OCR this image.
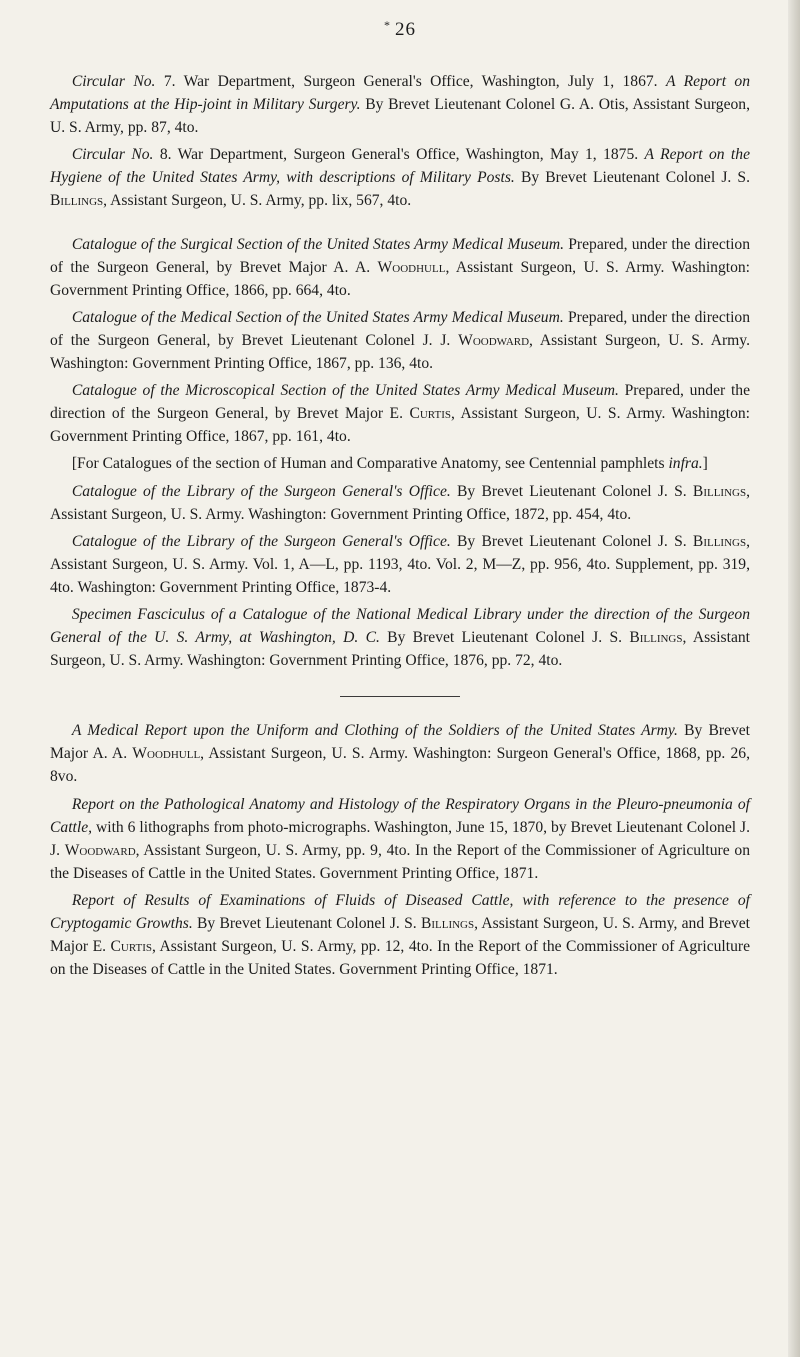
* 26

Circular No. 7. War Department, Surgeon General's Office, Washington, July 1, 1867. A Report on Amputations at the Hip-joint in Military Surgery. By Brevet Lieutenant Colonel G. A. Otis, Assistant Surgeon, U. S. Army, pp. 87, 4to.

Circular No. 8. War Department, Surgeon General's Office, Washington, May 1, 1875. A Report on the Hygiene of the United States Army, with descriptions of Military Posts. By Brevet Lieutenant Colonel J. S. Billings, Assistant Surgeon, U. S. Army, pp. lix, 567, 4to.

Catalogue of the Surgical Section of the United States Army Medical Museum. Prepared, under the direction of the Surgeon General, by Brevet Major A. A. Woodhull, Assistant Surgeon, U. S. Army. Washington: Government Printing Office, 1866, pp. 664, 4to.

Catalogue of the Medical Section of the United States Army Medical Museum. Prepared, under the direction of the Surgeon General, by Brevet Lieutenant Colonel J. J. Woodward, Assistant Surgeon, U. S. Army. Washington: Government Printing Office, 1867, pp. 136, 4to.

Catalogue of the Microscopical Section of the United States Army Medical Museum. Prepared, under the direction of the Surgeon General, by Brevet Major E. Curtis, Assistant Surgeon, U. S. Army. Washington: Government Printing Office, 1867, pp. 161, 4to.

[For Catalogues of the section of Human and Comparative Anatomy, see Centennial pamphlets infra.]

Catalogue of the Library of the Surgeon General's Office. By Brevet Lieutenant Colonel J. S. Billings, Assistant Surgeon, U. S. Army. Washington: Government Printing Office, 1872, pp. 454, 4to.

Catalogue of the Library of the Surgeon General's Office. By Brevet Lieutenant Colonel J. S. Billings, Assistant Surgeon, U. S. Army. Vol. 1, A—L, pp. 1193, 4to. Vol. 2, M—Z, pp. 956, 4to. Supplement, pp. 319, 4to. Washington: Government Printing Office, 1873-4.

Specimen Fasciculus of a Catalogue of the National Medical Library under the direction of the Surgeon General of the U. S. Army, at Washington, D. C. By Brevet Lieutenant Colonel J. S. Billings, Assistant Surgeon, U. S. Army. Washington: Government Printing Office, 1876, pp. 72, 4to.

A Medical Report upon the Uniform and Clothing of the Soldiers of the United States Army. By Brevet Major A. A. Woodhull, Assistant Surgeon, U. S. Army. Washington: Surgeon General's Office, 1868, pp. 26, 8vo.

Report on the Pathological Anatomy and Histology of the Respiratory Organs in the Pleuro-pneumonia of Cattle, with 6 lithographs from photo-micrographs. Washington, June 15, 1870, by Brevet Lieutenant Colonel J. J. Woodward, Assistant Surgeon, U. S. Army, pp. 9, 4to. In the Report of the Commissioner of Agriculture on the Diseases of Cattle in the United States. Government Printing Office, 1871.

Report of Results of Examinations of Fluids of Diseased Cattle, with reference to the presence of Cryptogamic Growths. By Brevet Lieutenant Colonel J. S. Billings, Assistant Surgeon, U. S. Army, and Brevet Major E. Curtis, Assistant Surgeon, U. S. Army, pp. 12, 4to. In the Report of the Commissioner of Agriculture on the Diseases of Cattle in the United States. Government Printing Office, 1871.
